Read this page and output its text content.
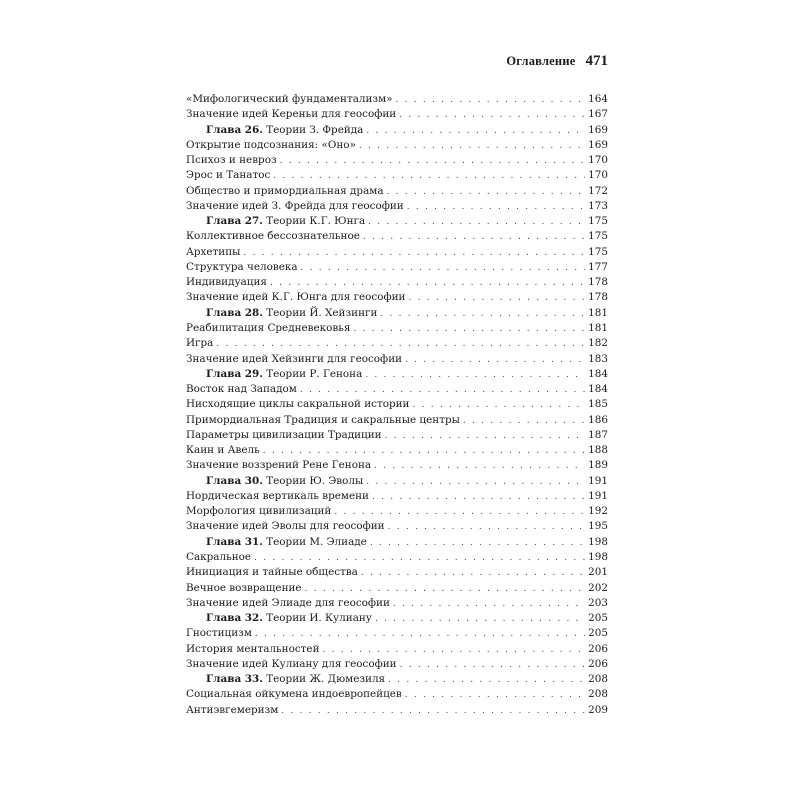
Оглавление 471
«Мифологический фундаментализм» . . .	164
Значение идей Кереньи для геософии . . .	167
Глава 26. Теории З. Фрейда . . .	169
Открытие подсознания: «Оно» . . .	169
Психоз и невроз . . .	170
Эрос и Танатос . . .	170
Общество и примордиальная драма . . .	172
Значение идей З. Фрейда для геософии . . .	173
Глава 27. Теории К.Г. Юнга . . .	175
Коллективное бессознательное . . .	175
Архетипы . . .	175
Структура человека . . .	177
Индивидуация . . .	178
Значение идей К.Г. Юнга для геософии . . .	178
Глава 28. Теории Й. Хейзинги . . .	181
Реабилитация Средневековья . . .	181
Игра . . .	182
Значение идей Хейзинги для геософии . . .	183
Глава 29. Теории Р. Генона . . .	184
Восток над Западом . . .	184
Нисходящие циклы сакральной истории . . .	185
Примордиальная Традиция и сакральные центры . . .	186
Параметры цивилизации Традиции . . .	187
Каин и Авель . . .	188
Значение воззрений Рене Генона . . .	189
Глава 30. Теории Ю. Эволы . . .	191
Нордическая вертикаль времени . . .	191
Морфология цивилизаций . . .	192
Значение идей Эволы для геософии . . .	195
Глава 31. Теории М. Элиаде . . .	198
Сакральное . . .	198
Инициация и тайные общества . . .	201
Вечное возвращение . . .	202
Значение идей Элиаде для геософии . . .	203
Глава 32. Теории И. Кулиану . . .	205
Гностицизм . . .	205
История ментальностей . . .	206
Значение идей Кулиану для геософии . . .	206
Глава 33. Теории Ж. Дюмезиля . . .	208
Социальная ойкумена индоевропейцев . . .	208
Антиэвгемеризм . . .	209
